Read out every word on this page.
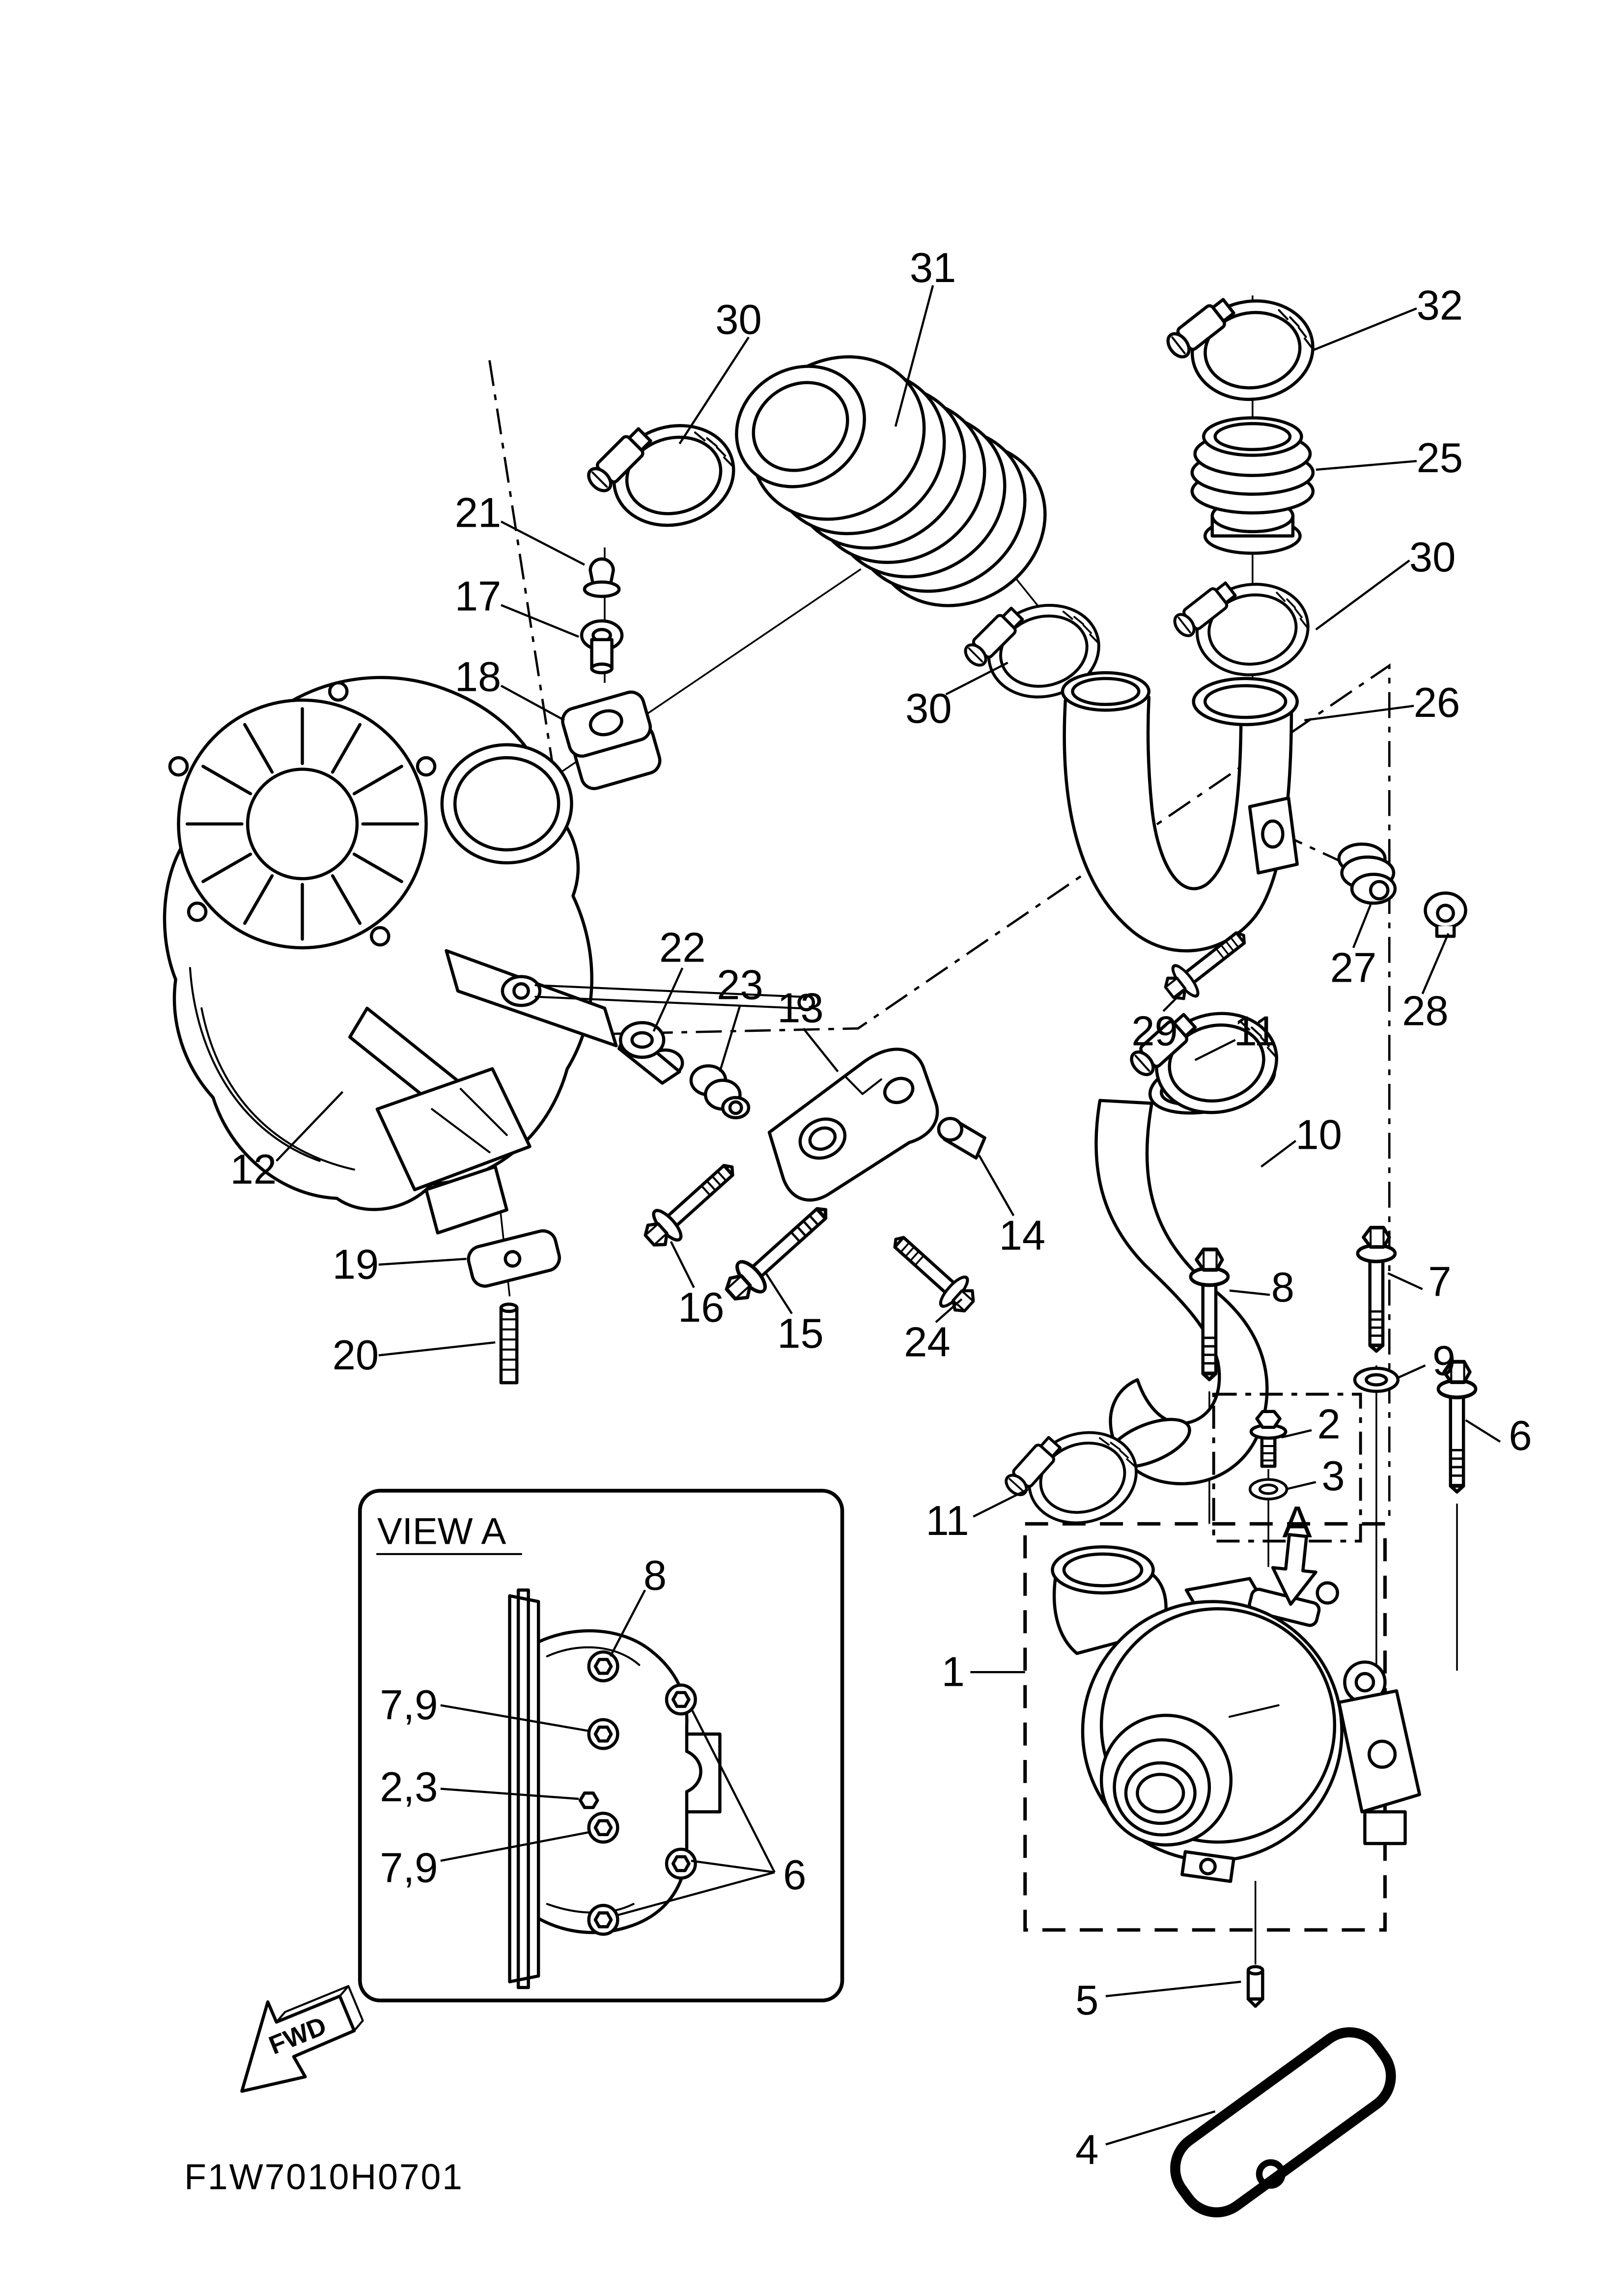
VIEW A
FWD
F1W7010H0701
31
30	32
25
30
26
21
17
18
30
27
28
29
22
23 13	11
10
12
14
19
16
15	24
20
8	7
9
2
3
6
11
1
A
5
4
8
7,9
2,3
7,9	6
